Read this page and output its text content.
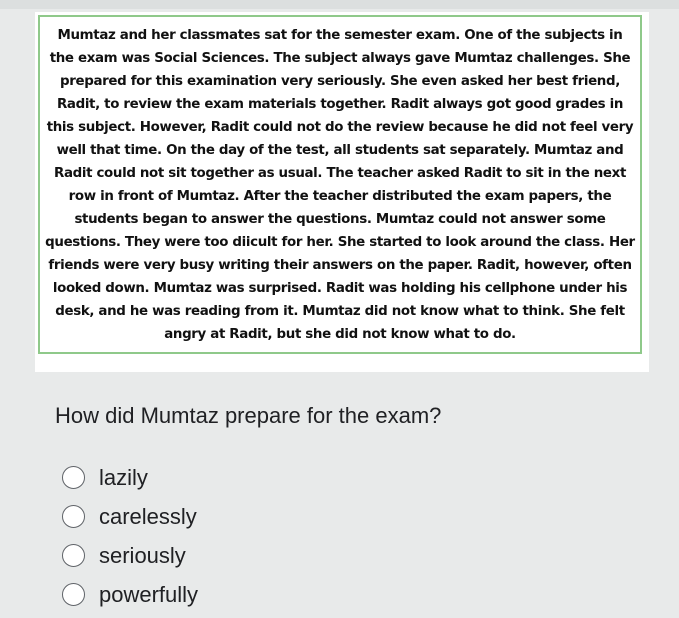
Mumtaz and her classmates sat for the semester exam. One of the subjects in the exam was Social Sciences. The subject always gave Mumtaz challenges. She prepared for this examination very seriously. She even asked her best friend, Radit, to review the exam materials together. Radit always got good grades in this subject. However, Radit could not do the review because he did not feel very well that time. On the day of the test, all students sat separately. Mumtaz and Radit could not sit together as usual. The teacher asked Radit to sit in the next row in front of Mumtaz. After the teacher distributed the exam papers, the students began to answer the questions. Mumtaz could not answer some questions. They were too diicult for her. She started to look around the class. Her friends were very busy writing their answers on the paper. Radit, however, often looked down. Mumtaz was surprised. Radit was holding his cellphone under his desk, and he was reading from it. Mumtaz did not know what to think. She felt angry at Radit, but she did not know what to do.

How did Mumtaz prepare for the exam?
lazily
carelessly
seriously
powerfully
